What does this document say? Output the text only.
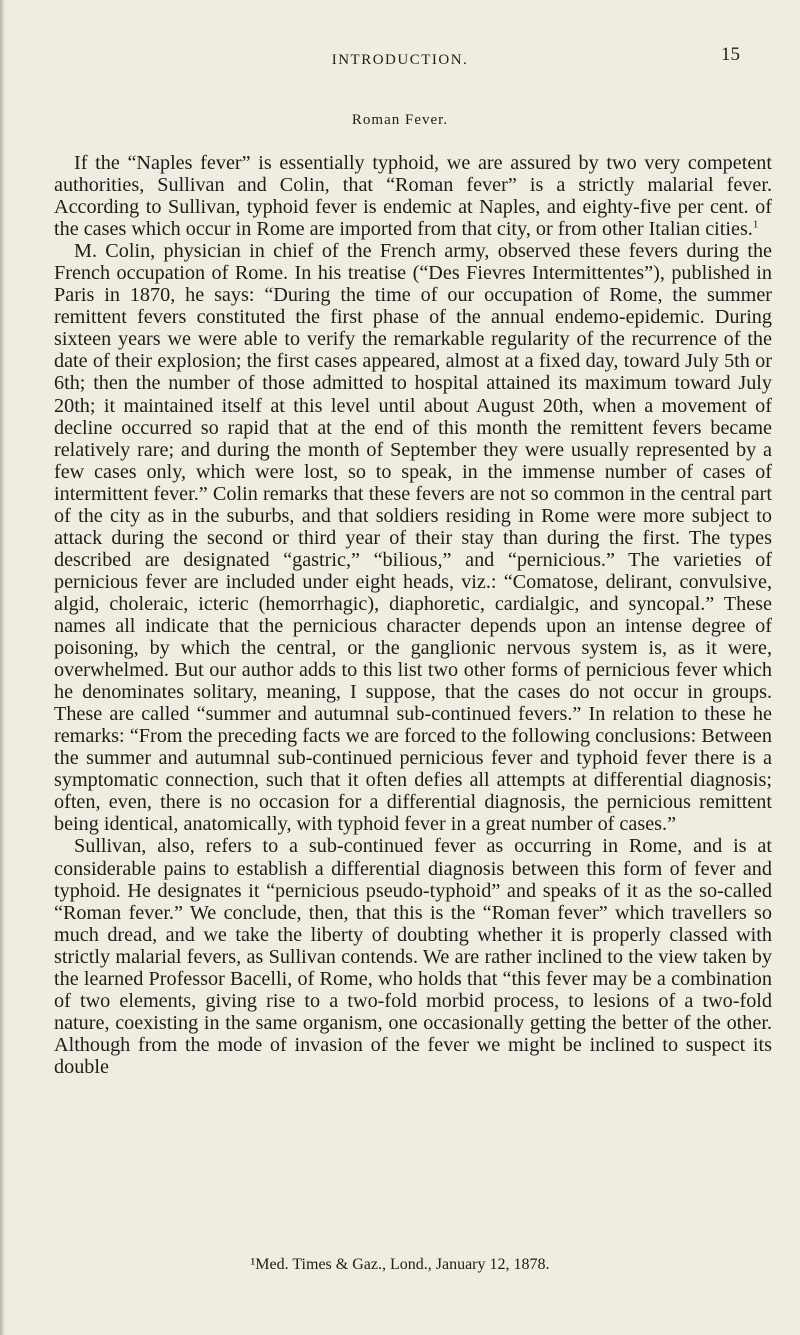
INTRODUCTION.	15
Roman Fever.

If the “Naples fever” is essentially typhoid, we are assured by two very competent authorities, Sullivan and Colin, that “Roman fever” is a strictly malarial fever. According to Sullivan, typhoid fever is endemic at Naples, and eighty-five per cent. of the cases which occur in Rome are imported from that city, or from other Italian cities.$^1$

M. Colin, physician in chief of the French army, observed these fevers during the French occupation of Rome. In his treatise (“Des Fievres Intermittentes”), published in Paris in 1870, he says: “During the time of our occupation of Rome, the summer remittent fevers constituted the first phase of the annual endemo-epidemic. During sixteen years we were able to verify the remarkable regularity of the recurrence of the date of their explosion; the first cases appeared, almost at a fixed day, toward July 5th or 6th; then the number of those admitted to hospital attained its maximum toward July 20th; it maintained itself at this level until about August 20th, when a movement of decline occurred so rapid that at the end of this month the remittent fevers became relatively rare; and during the month of September they were usually represented by a few cases only, which were lost, so to speak, in the immense number of cases of intermittent fever.” Colin remarks that these fevers are not so common in the central part of the city as in the suburbs, and that soldiers residing in Rome were more subject to attack during the second or third year of their stay than during the first. The types described are designated “gastric,” “bilious,” and “pernicious.” The varieties of pernicious fever are included under eight heads, viz.: “Comatose, delirant, convulsive, algid, choleraic, icteric (hemorrhagic), diaphoretic, cardialgic, and syncopal.” These names all indicate that the pernicious character depends upon an intense degree of poisoning, by which the central, or the ganglionic nervous system is, as it were, overwhelmed. But our author adds to this list two other forms of pernicious fever which he denominates solitary, meaning, I suppose, that the cases do not occur in groups. These are called “summer and autumnal sub-continued fevers.” In relation to these he remarks: “From the preceding facts we are forced to the following conclusions: Between the summer and autumnal sub-continued pernicious fever and typhoid fever there is a symptomatic connection, such that it often defies all attempts at differential diagnosis; often, even, there is no occasion for a differential diagnosis, the pernicious remittent being identical, anatomically, with typhoid fever in a great number of cases.”

Sullivan, also, refers to a sub-continued fever as occurring in Rome, and is at considerable pains to establish a differential diagnosis between this form of fever and typhoid. He designates it “pernicious pseudo-typhoid” and speaks of it as the so-called “Roman fever.” We conclude, then, that this is the “Roman fever” which travellers so much dread, and we take the liberty of doubting whether it is properly classed with strictly malarial fevers, as Sullivan contends. We are rather inclined to the view taken by the learned Professor Bacelli, of Rome, who holds that “this fever may be a combination of two elements, giving rise to a two-fold morbid process, to lesions of a two-fold nature, coexisting in the same organism, one occasionally getting the better of the other. Although from the mode of invasion of the fever we might be inclined to suspect its double

¹Med. Times & Gaz., Lond., January 12, 1878.
